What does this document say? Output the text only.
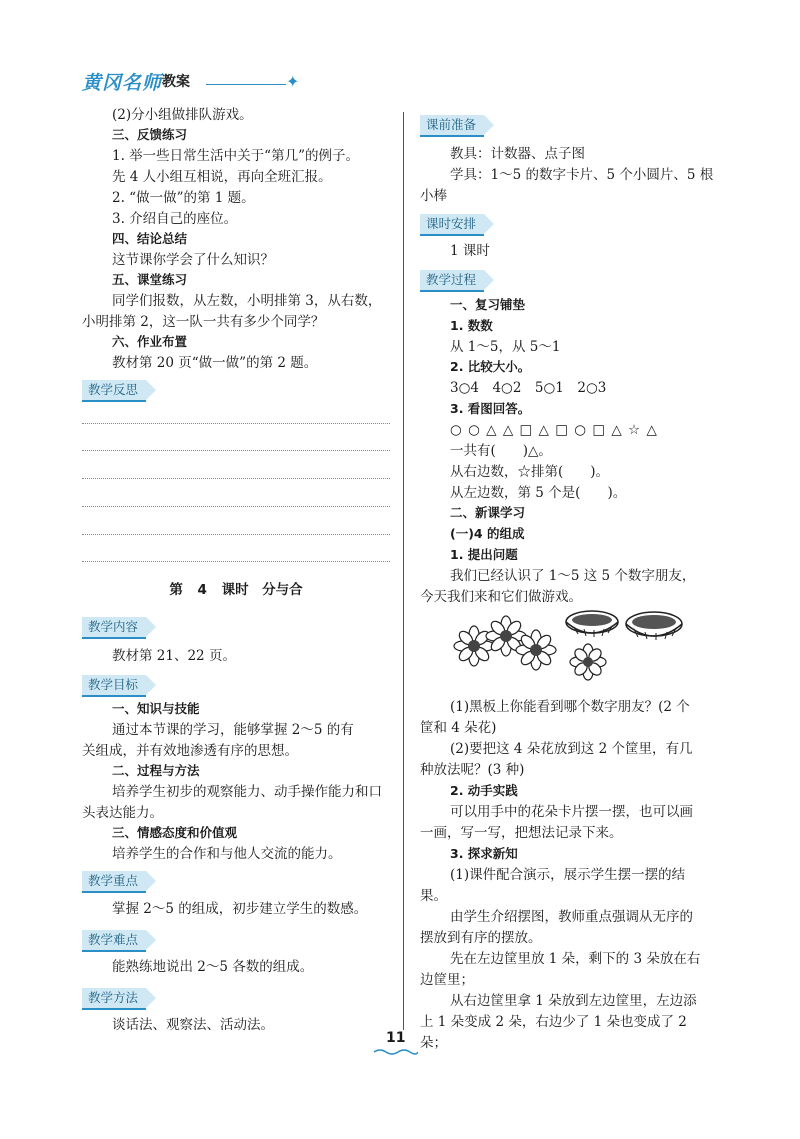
黄冈名师 教案	✦
(2)分小组做排队游戏。
三、反馈练习
1. 举一些日常生活中关于“第几”的例子。
先 4 人小组互相说，再向全班汇报。
2. “做一做”的第 1 题。
3. 介绍自己的座位。
四、结论总结
这节课你学会了什么知识？
五、课堂练习
同学们报数，从左数，小明排第 3，从右数，
小明排第 2，这一队一共有多少个同学？
六、作业布置
教材第 20 页“做一做”的第 2 题。
教学反思
教学内容
教材第 21、22 页。
教学目标
一、知识与技能
通过本节课的学习，能够掌握 2～5 的有
关组成，并有效地渗透有序的思想。
二、过程与方法
培养学生初步的观察能力、动手操作能力和口
头表达能力。
三、情感态度和价值观
培养学生的合作和与他人交流的能力。
教学重点
掌握 2～5 的组成，初步建立学生的数感。
教学难点
能熟练地说出 2～5 各数的组成。
教学方法
谈话法、观察法、活动法。
第 4 课时　分与合
课前准备
教具：计数器、点子图
学具：1～5 的数字卡片、5 个小圆片、5 根
小棒
课时安排
1 课时
教学过程
一、复习铺垫
1. 数数
从 1～5，从 5～1
2. 比较大小。
3○4　4○2　5○1　2○3
3. 看图回答。
○ ○ △ △ □ △ □ ○ □ △ ☆ △
一共有(　　)△。
从右边数，☆排第(　　)。
从左边数，第 5 个是(　　)。
二、新课学习
(一)4 的组成
1. 提出问题
我们已经认识了 1～5 这 5 个数字朋友，
今天我们来和它们做游戏。
(1)黑板上你能看到哪个数字朋友？(2 个
筐和 4 朵花)
(2)要把这 4 朵花放到这 2 个筐里，有几
种放法呢？(3 种)
2. 动手实践
可以用手中的花朵卡片摆一摆，也可以画
一画，写一写，把想法记录下来。
3. 探求新知
(1)课件配合演示，展示学生摆一摆的结
果。
由学生介绍摆图，教师重点强调从无序的
摆放到有序的摆放。
先在左边筐里放 1 朵，剩下的 3 朵放在右
边筐里；
从右边筐里拿 1 朵放到左边筐里，左边添
上 1 朵变成 2 朵，右边少了 1 朵也变成了 2
朵；
11
